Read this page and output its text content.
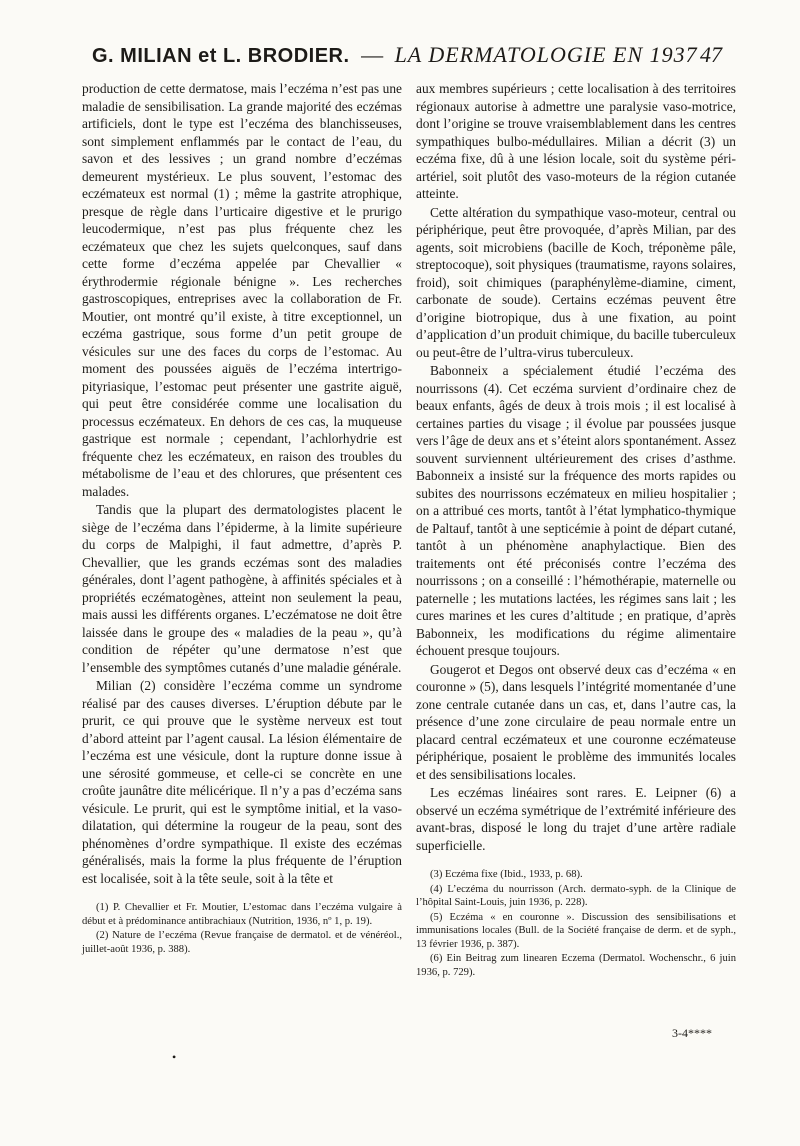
G. MILIAN et L. BRODIER. — LA DERMATOLOGIE EN 1937 47

production de cette dermatose, mais l’eczéma n’est pas une maladie de sensibilisation. La grande majorité des eczémas artificiels, dont le type est l’eczéma des blanchisseuses, sont simplement enflammés par le contact de l’eau, du savon et des lessives ; un grand nombre d’eczémas demeurent mystérieux. Le plus souvent, l’estomac des eczémateux est normal (1) ; même la gastrite atrophique, presque de règle dans l’urticaire digestive et le prurigo leucodermique, n’est pas plus fréquente chez les eczémateux que chez les sujets quelconques, sauf dans cette forme d’eczéma appelée par Chevallier « érythrodermie régionale bénigne ». Les recherches gastroscopiques, entreprises avec la collaboration de Fr. Moutier, ont montré qu’il existe, à titre exceptionnel, un eczéma gastrique, sous forme d’un petit groupe de vésicules sur une des faces du corps de l’estomac. Au moment des poussées aiguës de l’eczéma intertrigo-pityriasique, l’estomac peut présenter une gastrite aiguë, qui peut être considérée comme une localisation du processus eczémateux. En dehors de ces cas, la muqueuse gastrique est normale ; cependant, l’achlorhydrie est fréquente chez les eczémateux, en raison des troubles du métabolisme de l’eau et des chlorures, que présentent ces malades.

Tandis que la plupart des dermatologistes placent le siège de l’eczéma dans l’épiderme, à la limite supérieure du corps de Malpighi, il faut admettre, d’après P. Chevallier, que les grands eczémas sont des maladies générales, dont l’agent pathogène, à affinités spéciales et à propriétés eczématogènes, atteint non seulement la peau, mais aussi les différents organes. L’eczématose ne doit être laissée dans le groupe des « maladies de la peau », qu’à condition de répéter qu’une dermatose n’est que l’ensemble des symptômes cutanés d’une maladie générale.

Milian (2) considère l’eczéma comme un syndrome réalisé par des causes diverses. L’éruption débute par le prurit, ce qui prouve que le système nerveux est tout d’abord atteint par l’agent causal. La lésion élémentaire de l’eczéma est une vésicule, dont la rupture donne issue à une sérosité gommeuse, et celle-ci se concrète en une croûte jaunâtre dite mélicérique. Il n’y a pas d’eczéma sans vésicule. Le prurit, qui est le symptôme initial, et la vaso-dilatation, qui détermine la rougeur de la peau, sont des phénomènes d’ordre sympathique. Il existe des eczémas généralisés, mais la forme la plus fréquente de l’éruption est localisée, soit à la tête seule, soit à la tête et

(1) P. Chevallier et Fr. Moutier, L’estomac dans l’eczéma vulgaire à début et à prédominance antibrachiaux (Nutrition, 1936, nº 1, p. 19).

(2) Nature de l’eczéma (Revue française de dermatol. et de vénéréol., juillet-août 1936, p. 388).

aux membres supérieurs ; cette localisation à des territoires régionaux autorise à admettre une paralysie vaso-motrice, dont l’origine se trouve vraisemblablement dans les centres sympathiques bulbo-médullaires. Milian a décrit (3) un eczéma fixe, dû à une lésion locale, soit du système péri-artériel, soit plutôt des vaso-moteurs de la région cutanée atteinte.

Cette altération du sympathique vaso-moteur, central ou périphérique, peut être provoquée, d’après Milian, par des agents, soit microbiens (bacille de Koch, tréponème pâle, streptocoque), soit physiques (traumatisme, rayons solaires, froid), soit chimiques (paraphénylème-diamine, ciment, carbonate de soude). Certains eczémas peuvent être d’origine biotropique, dus à une fixation, au point d’application d’un produit chimique, du bacille tuberculeux ou peut-être de l’ultra-virus tuberculeux.

Babonneix a spécialement étudié l’eczéma des nourrissons (4). Cet eczéma survient d’ordinaire chez de beaux enfants, âgés de deux à trois mois ; il est localisé à certaines parties du visage ; il évolue par poussées jusque vers l’âge de deux ans et s’éteint alors spontanément. Assez souvent surviennent ultérieurement des crises d’asthme. Babonneix a insisté sur la fréquence des morts rapides ou subites des nourrissons eczémateux en milieu hospitalier ; on a attribué ces morts, tantôt à l’état lymphatico-thymique de Paltauf, tantôt à une septicémie à point de départ cutané, tantôt à un phénomène anaphylactique. Bien des traitements ont été préconisés contre l’eczéma des nourrissons ; on a conseillé : l’hémothérapie, maternelle ou paternelle ; les mutations lactées, les régimes sans lait ; les cures marines et les cures d’altitude ; en pratique, d’après Babonneix, les modifications du régime alimentaire échouent presque toujours.

Gougerot et Degos ont observé deux cas d’eczéma « en couronne » (5), dans lesquels l’intégrité momentanée d’une zone centrale cutanée dans un cas, et, dans l’autre cas, la présence d’une zone circulaire de peau normale entre un placard central eczémateux et une couronne eczémateuse périphérique, posaient le problème des immunités locales et des sensibilisations locales.

Les eczémas linéaires sont rares. E. Leipner (6) a observé un eczéma symétrique de l’extrémité inférieure des avant-bras, disposé le long du trajet d’une artère radiale superficielle.

(3) Eczéma fixe (Ibid., 1933, p. 68).

(4) L’eczéma du nourrisson (Arch. dermato-syph. de la Clinique de l’hôpital Saint-Louis, juin 1936, p. 228).

(5) Eczéma « en couronne ». Discussion des sensibilisations et immunisations locales (Bull. de la Société française de derm. et de syph., 13 février 1936, p. 387).

(6) Ein Beitrag zum linearen Eczema (Dermatol. Wochenschr., 6 juin 1936, p. 729).

3-4****
•
